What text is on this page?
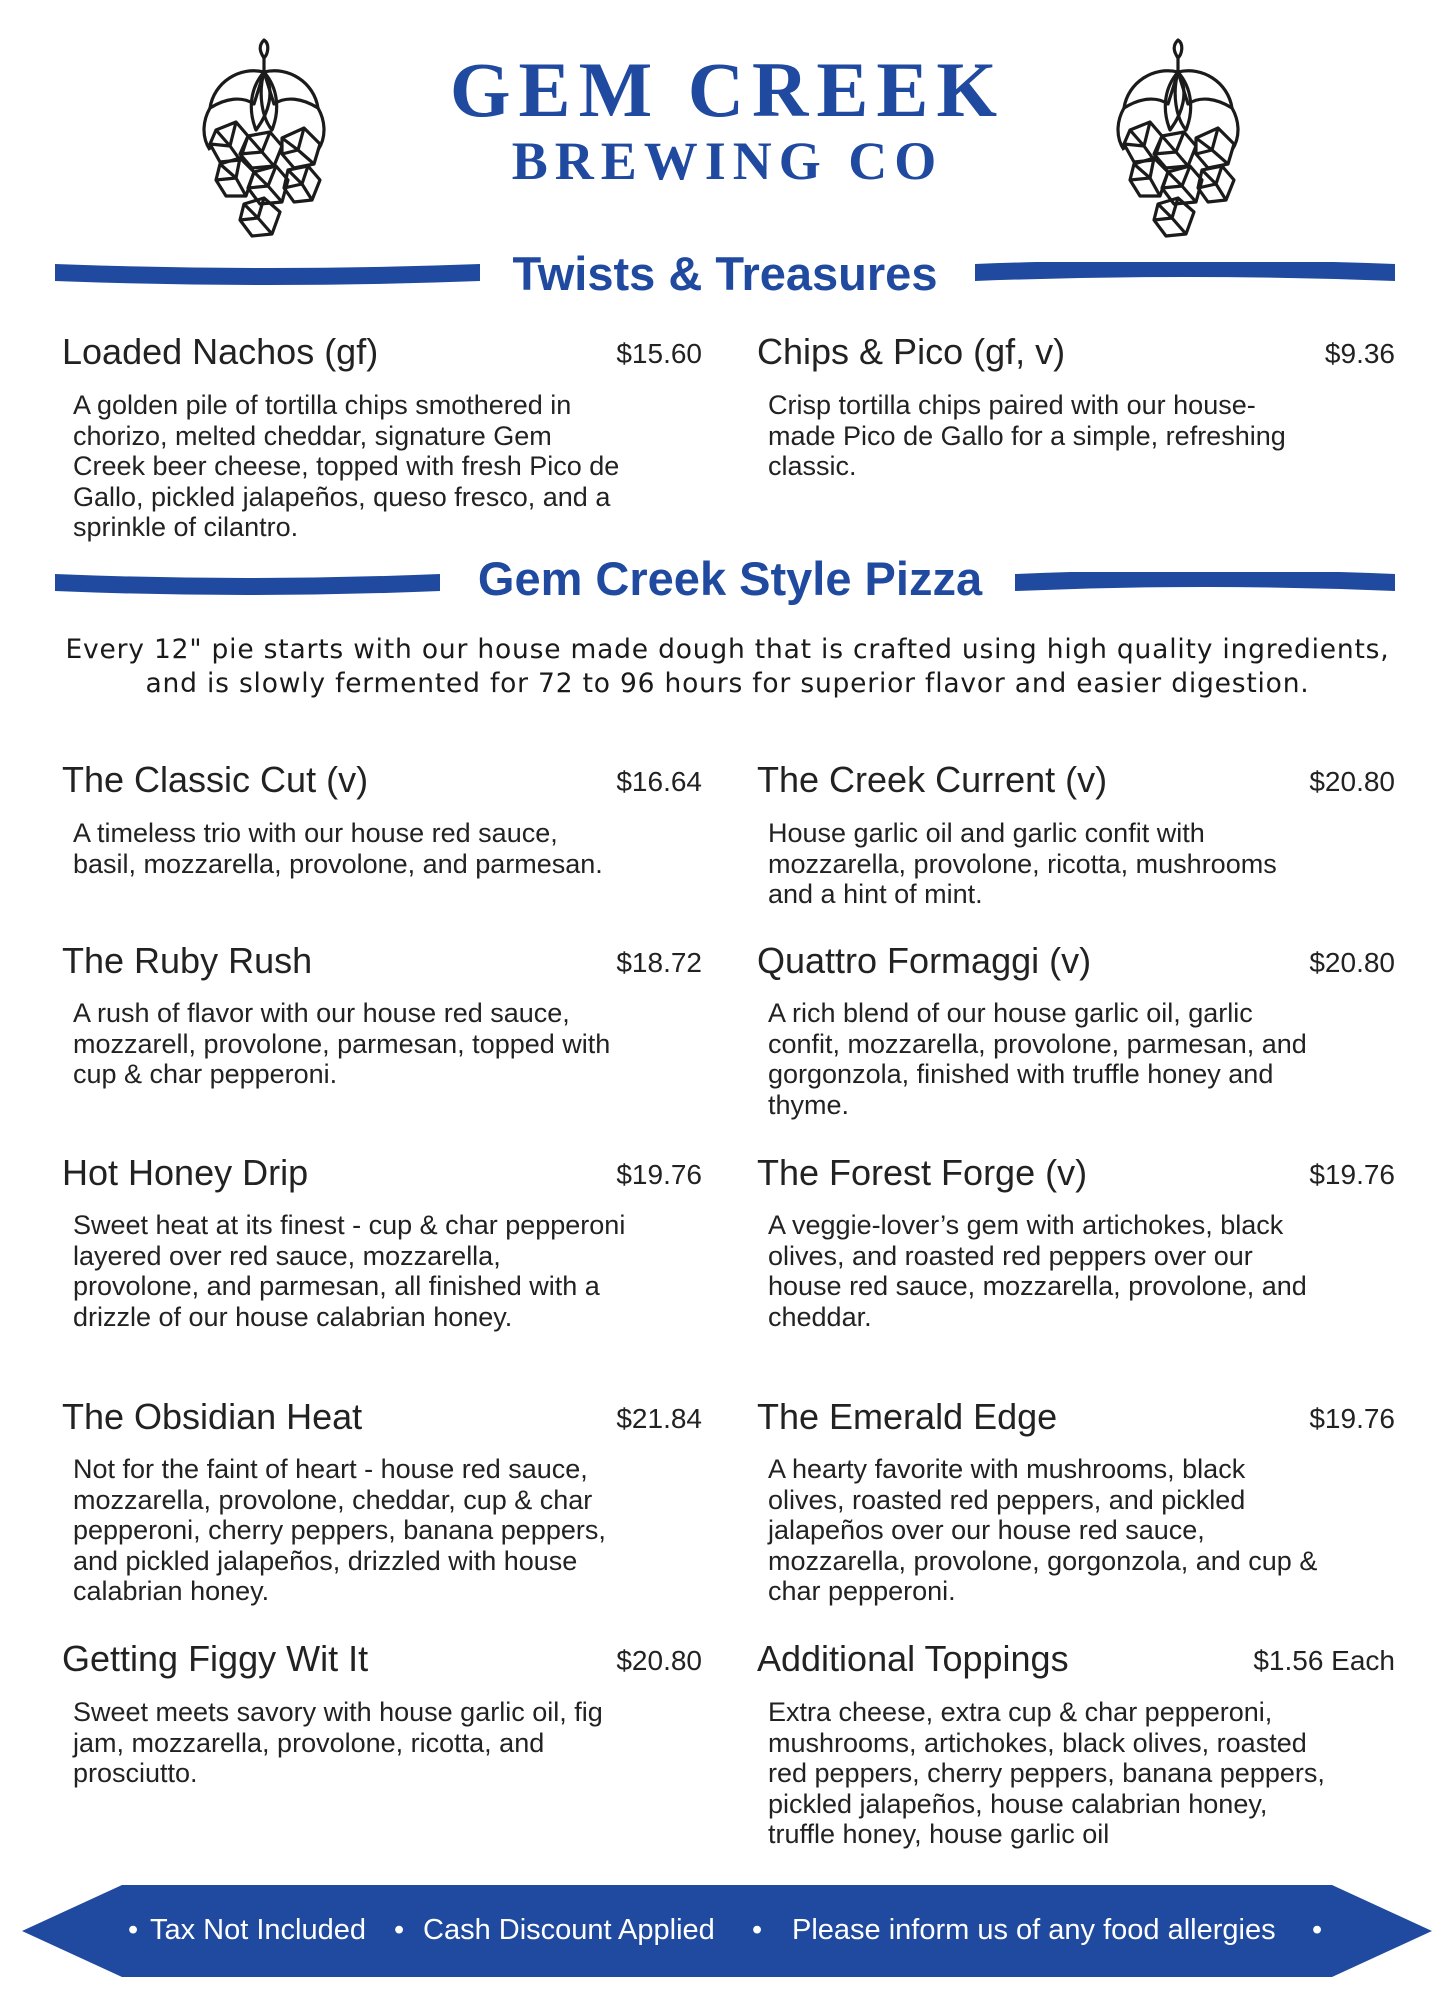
GEM CREEK
BREWING CO
Twists & Treasures
Loaded Nachos (gf)	$15.60
A golden pile of tortilla chips smothered in chorizo, melted cheddar, signature Gem Creek beer cheese, topped with fresh Pico de Gallo, pickled jalapeños, queso fresco, and a sprinkle of cilantro.
Chips & Pico (gf, v)	$9.36
Crisp tortilla chips paired with our house-made Pico de Gallo for a simple, refreshing classic.
Gem Creek Style Pizza
Every 12" pie starts with our house made dough that is crafted using high quality ingredients, and is slowly fermented for 72 to 96 hours for superior flavor and easier digestion.
The Classic Cut (v)	$16.64
A timeless trio with our house red sauce, basil, mozzarella, provolone, and parmesan.
The Ruby Rush	$18.72
A rush of flavor with our house red sauce, mozzarell, provolone, parmesan, topped with cup & char pepperoni.
Hot Honey Drip	$19.76
Sweet heat at its finest - cup & char pepperoni layered over red sauce, mozzarella, provolone, and parmesan, all finished with a drizzle of our house calabrian honey.
The Obsidian Heat	$21.84
Not for the faint of heart - house red sauce, mozzarella, provolone, cheddar, cup & char pepperoni, cherry peppers, banana peppers, and pickled jalapeños, drizzled with house calabrian honey.
Getting Figgy Wit It	$20.80
Sweet meets savory with house garlic oil, fig jam, mozzarella, provolone, ricotta, and prosciutto.
The Creek Current (v)	$20.80
House garlic oil and garlic confit with mozzarella, provolone, ricotta, mushrooms and a hint of mint.
Quattro Formaggi (v)	$20.80
A rich blend of our house garlic oil, garlic confit, mozzarella, provolone, parmesan, and gorgonzola, finished with truffle honey and thyme.
The Forest Forge (v)	$19.76
A veggie-lover’s gem with artichokes, black olives, and roasted red peppers over our house red sauce, mozzarella, provolone, and cheddar.
The Emerald Edge	$19.76
A hearty favorite with mushrooms, black olives, roasted red peppers, and pickled jalapeños over our house red sauce, mozzarella, provolone, gorgonzola, and cup & char pepperoni.
Additional Toppings	$1.56 Each
Extra cheese, extra cup & char pepperoni, mushrooms, artichokes, black olives, roasted red peppers, cherry peppers, banana peppers, pickled jalapeños, house calabrian honey, truffle honey, house garlic oil
• Tax Not Included • Cash Discount Applied • Please inform us of any food allergies •
